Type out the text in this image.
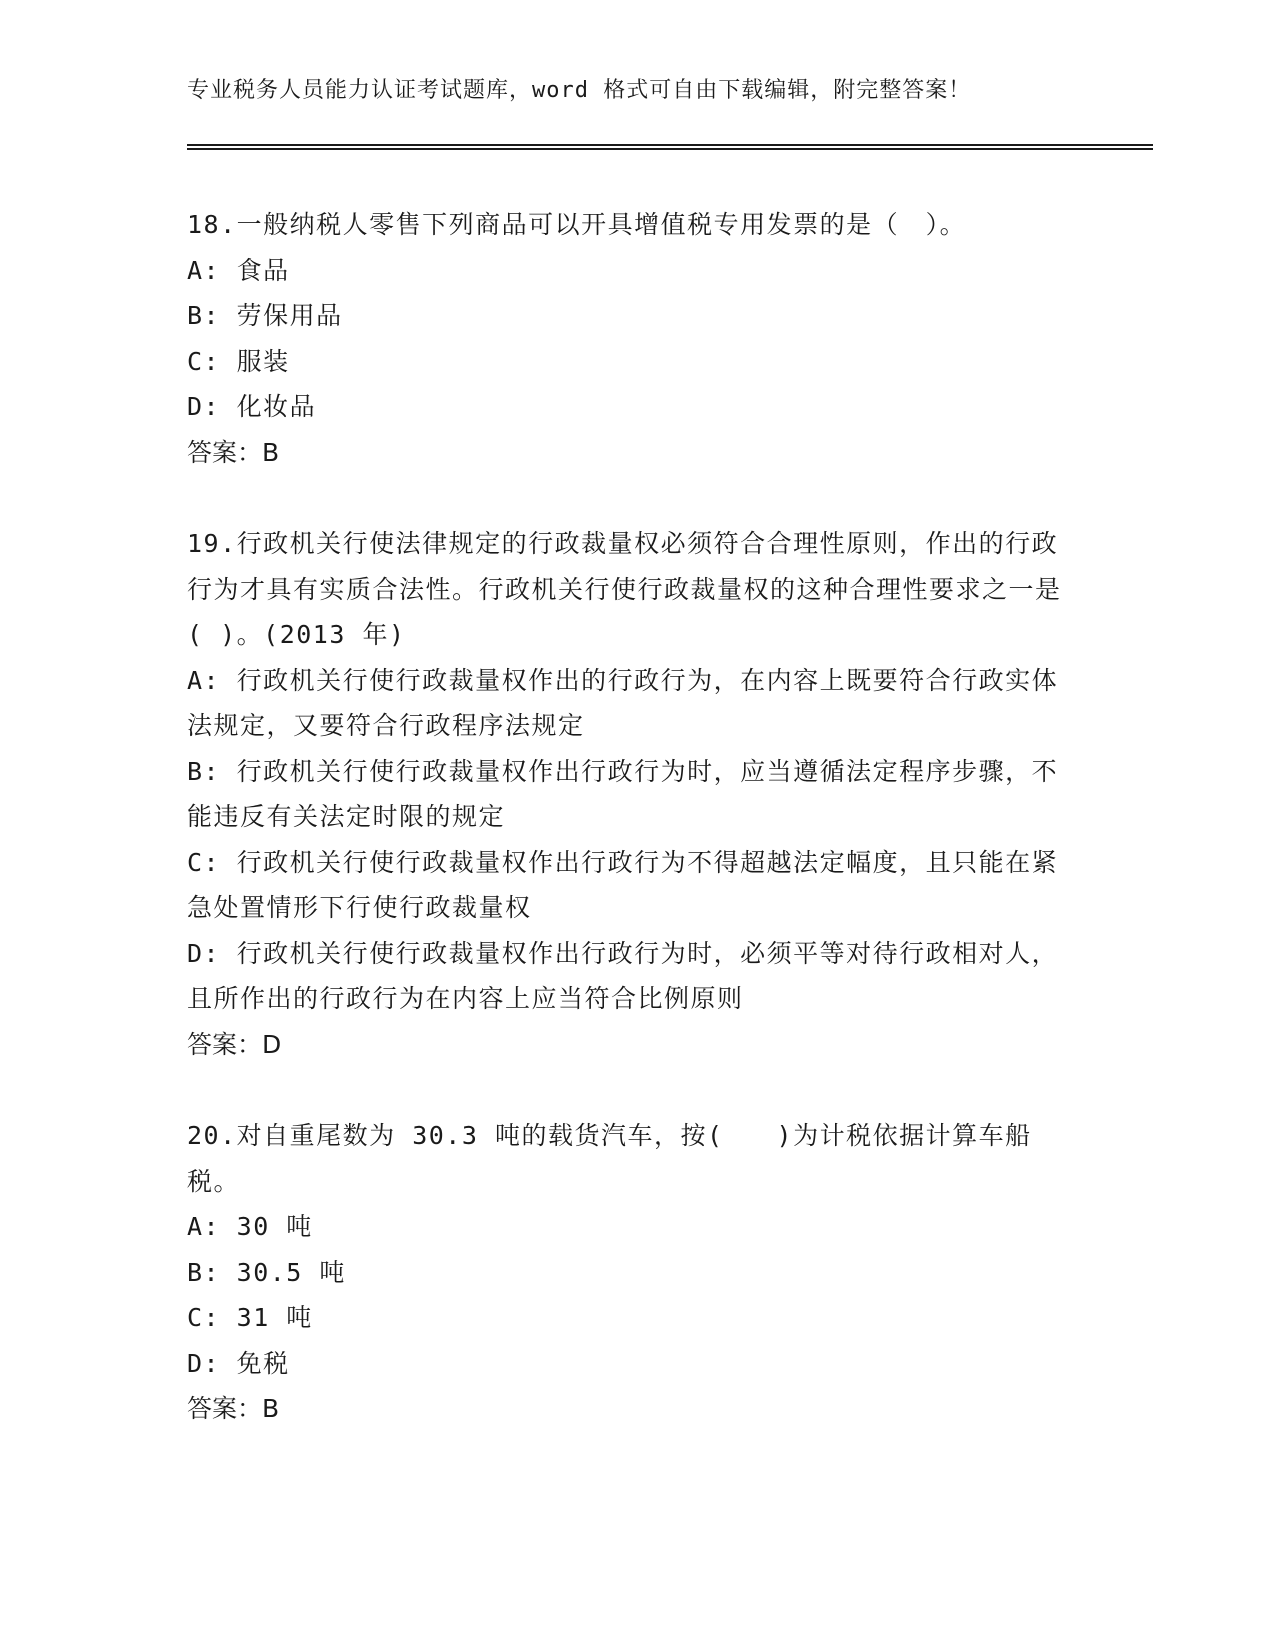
专业税务人员能力认证考试题库，word 格式可自由下载编辑，附完整答案！

18.一般纳税人零售下列商品可以开具增值税专用发票的是（　）。

A: 食品

B: 劳保用品

C: 服装

D: 化妆品

答案：B

19.行政机关行使法律规定的行政裁量权必须符合合理性原则，作出的行政行为才具有实质合法性。行政机关行使行政裁量权的这种合理性要求之一是( )。(2013 年)

A: 行政机关行使行政裁量权作出的行政行为，在内容上既要符合行政实体法规定，又要符合行政程序法规定

B: 行政机关行使行政裁量权作出行政行为时，应当遵循法定程序步骤，不能违反有关法定时限的规定

C: 行政机关行使行政裁量权作出行政行为不得超越法定幅度，且只能在紧急处置情形下行使行政裁量权

D: 行政机关行使行政裁量权作出行政行为时，必须平等对待行政相对人，且所作出的行政行为在内容上应当符合比例原则

答案：D

20.对自重尾数为 30.3 吨的载货汽车，按(　　)为计税依据计算车船税。

A: 30 吨

B: 30.5 吨

C: 31 吨

D: 免税

答案：B
